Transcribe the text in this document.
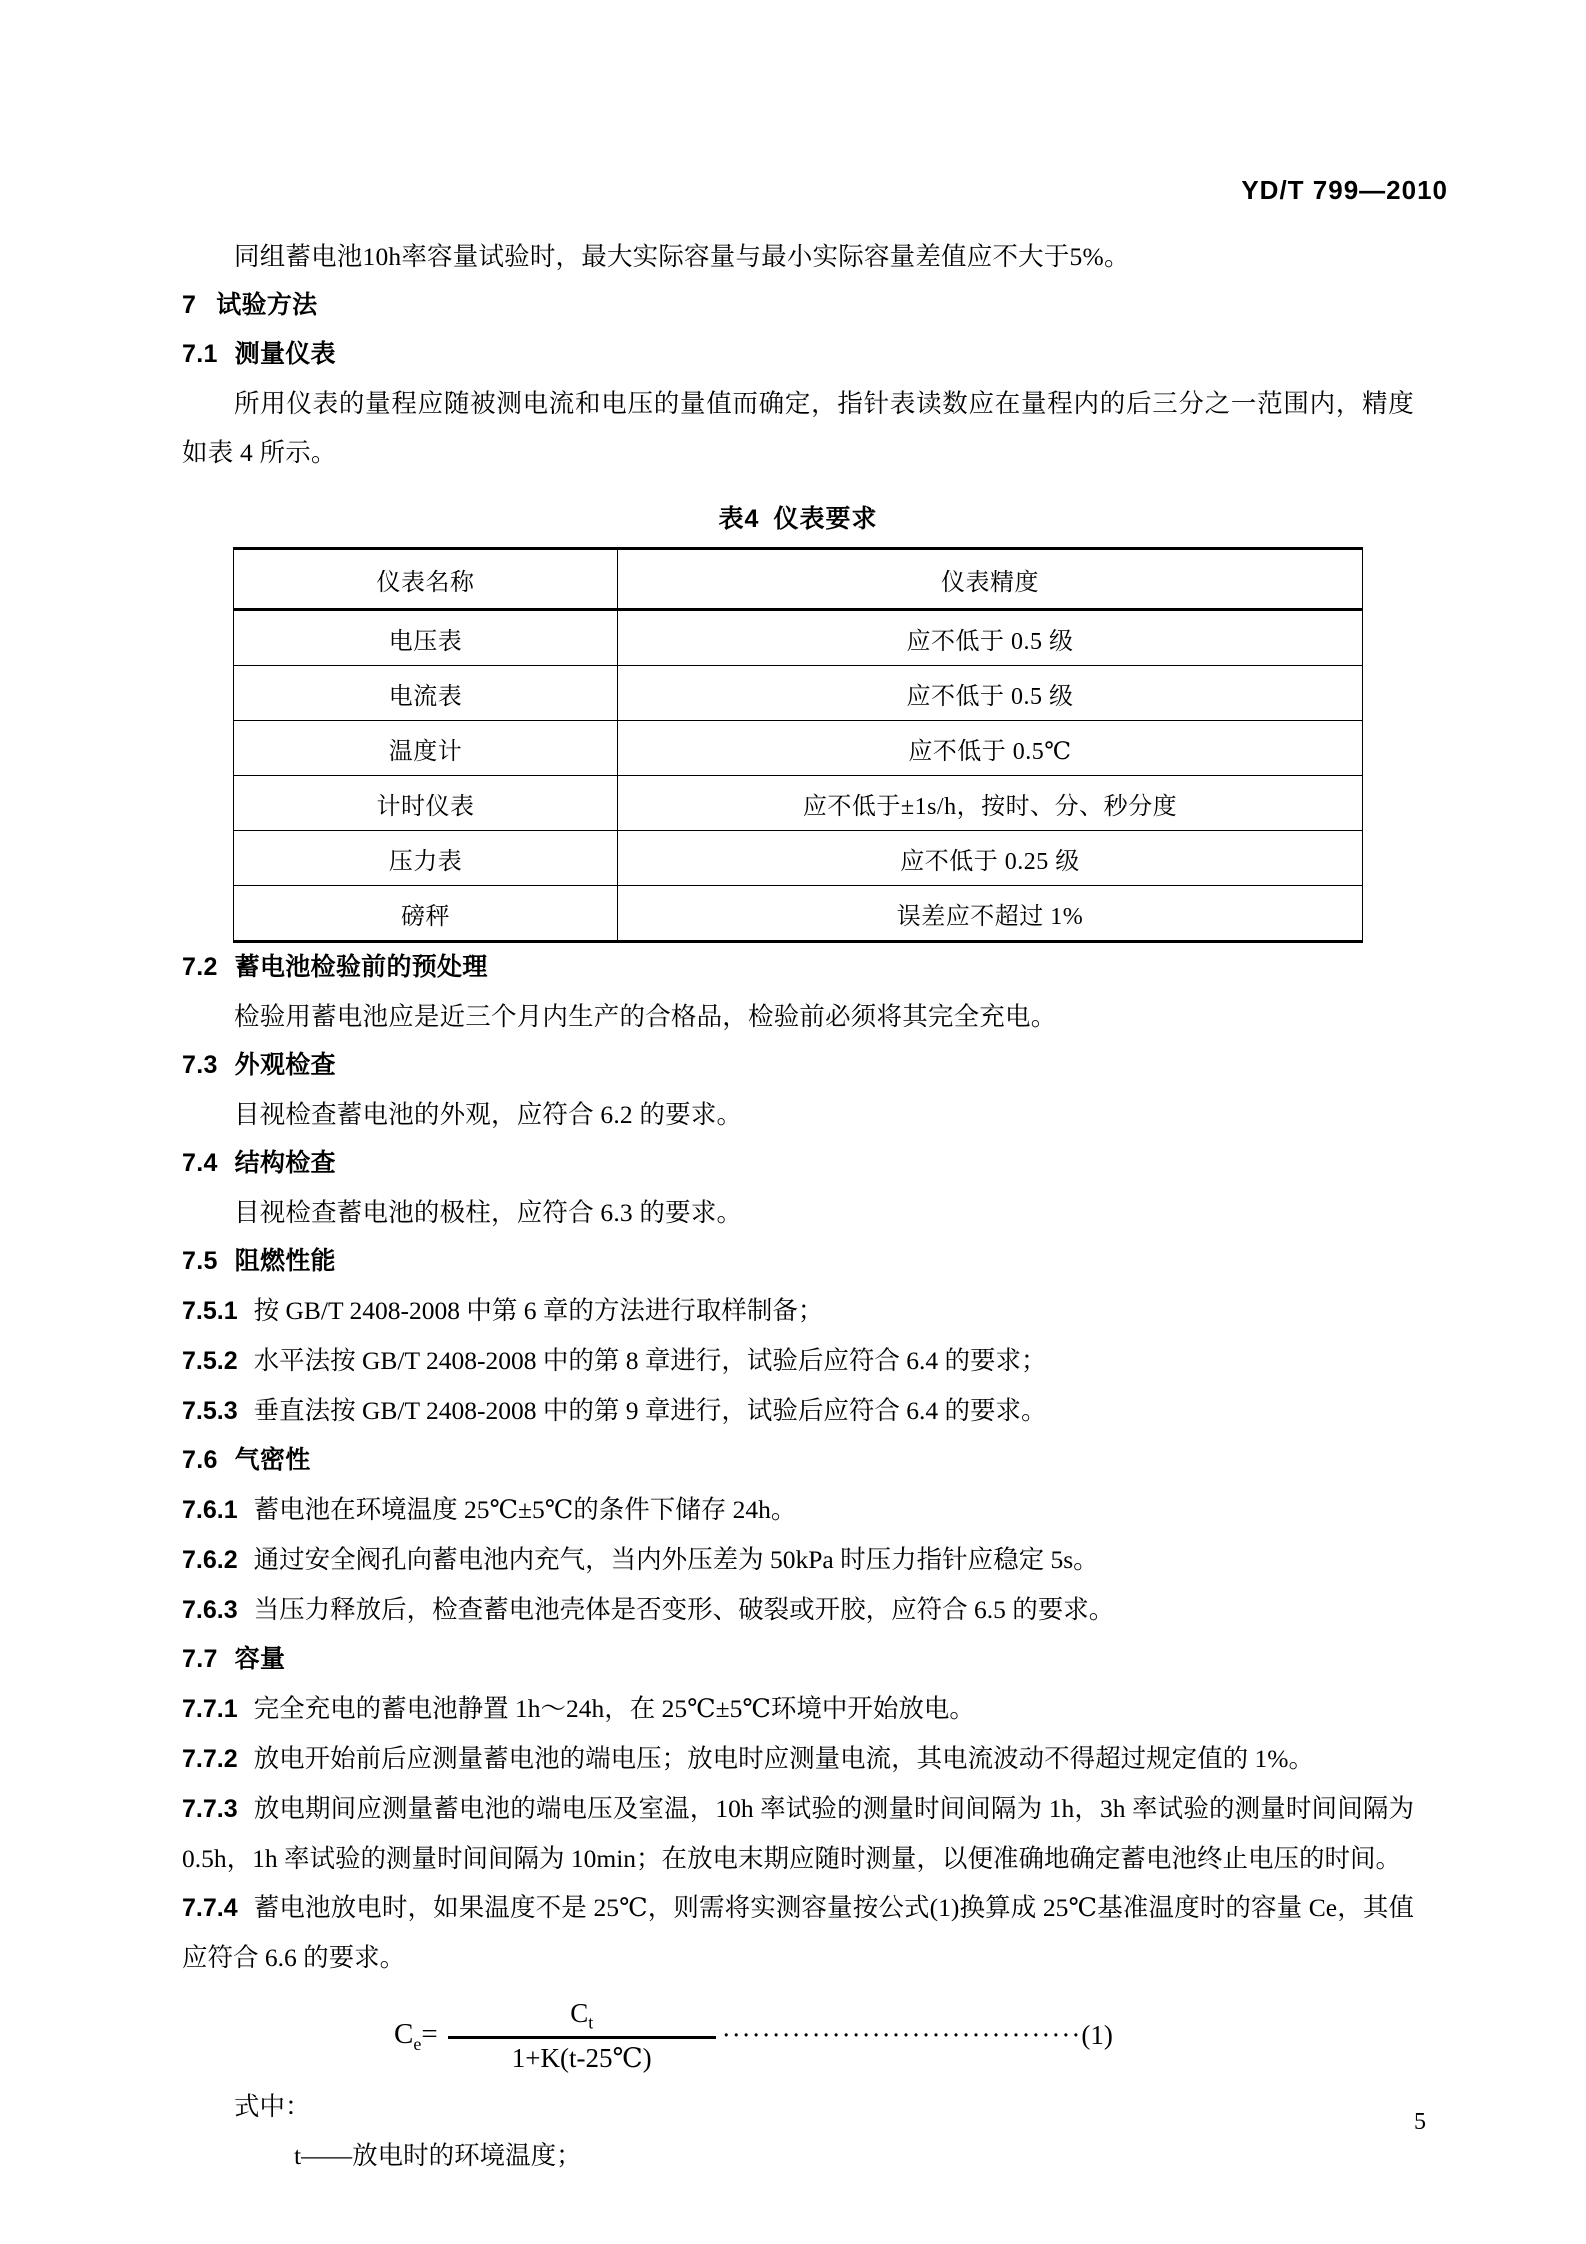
YD/T 799—2010

同组蓄电池10h率容量试验时，最大实际容量与最小实际容量差值应不大于5%。

7 试验方法
7.1 测量仪表

所用仪表的量程应随被测电流和电压的量值而确定，指针表读数应在量程内的后三分之一范围内，精度如表 4 所示。

表4 仪表要求
仪表名称	仪表精度
电压表	应不低于 0.5 级
电流表	应不低于 0.5 级
温度计	应不低于 0.5℃
计时仪表	应不低于±1s/h，按时、分、秒分度
压力表	应不低于 0.25 级
磅秤	误差应不超过 1%
7.2 蓄电池检验前的预处理

检验用蓄电池应是近三个月内生产的合格品，检验前必须将其完全充电。

7.3 外观检查

目视检查蓄电池的外观，应符合 6.2 的要求。

7.4 结构检查

目视检查蓄电池的极柱，应符合 6.3 的要求。

7.5 阻燃性能

7.5.1 按 GB/T 2408-2008 中第 6 章的方法进行取样制备；

7.5.2 水平法按 GB/T 2408-2008 中的第 8 章进行，试验后应符合 6.4 的要求；

7.5.3 垂直法按 GB/T 2408-2008 中的第 9 章进行，试验后应符合 6.4 的要求。

7.6 气密性

7.6.1 蓄电池在环境温度 25℃±5℃的条件下储存 24h。

7.6.2 通过安全阀孔向蓄电池内充气，当内外压差为 50kPa 时压力指针应稳定 5s。

7.6.3 当压力释放后，检查蓄电池壳体是否变形、破裂或开胶，应符合 6.5 的要求。

7.7 容量

7.7.1 完全充电的蓄电池静置 1h～24h，在 25℃±5℃环境中开始放电。

7.7.2 放电开始前后应测量蓄电池的端电压；放电时应测量电流，其电流波动不得超过规定值的 1%。

7.7.3 放电期间应测量蓄电池的端电压及室温，10h 率试验的测量时间间隔为 1h，3h 率试验的测量时间间隔为 0.5h，1h 率试验的测量时间间隔为 10min；在放电末期应随时测量，以便准确地确定蓄电池终止电压的时间。

7.7.4 蓄电池放电时，如果温度不是 25℃，则需将实测容量按公式(1)换算成 25℃基准温度时的容量 Ce，其值应符合 6.6 的要求。

$C_e= \frac{C_t}{1+K(t-25℃)}$ ···································· (1)

式中：

t——放电时的环境温度；

5
